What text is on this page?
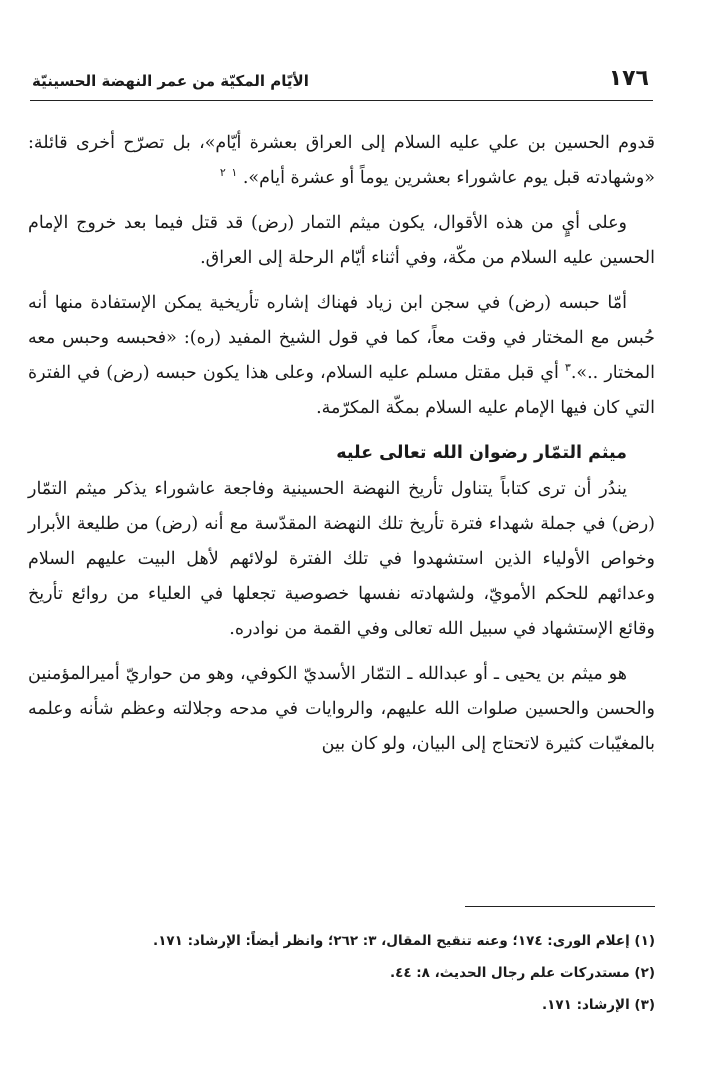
١٧٦
الأيّام المكيّة من عمر النهضة الحسينيّة

قدوم الحسين بن علي ‎عليه السلام‎ إلى العراق بعشرة أيّام»، بل تصرّح أخرى قائلة: «وشهادته قبل يوم عاشوراء بعشرين يوماً أو عشرة أيام». $^١$ $^٢$

وعلى أيٍ من هذه الأقوال، يكون ميثم التمار (رض) قد قتل فيما بعد خروج الإمام الحسين ‎عليه السلام‎ من مكّة، وفي أثناء أيّام الرحلة إلى العراق.

أمّا حبسه (رض) في سجن ابن زياد فهناك إشاره تأريخية يمكن الإستفادة منها أنه حُبس مع المختار في وقت معاً، كما في قول الشيخ المفيد (ره): «فحبسه وحبس معه المختار ..».$^٣$ أي قبل مقتل مسلم ‎عليه السلام‎، وعلى هذا يكون حبسه (رض) في الفترة التي كان فيها الإمام ‎عليه السلام‎ بمكّة المكرّمة.

ميثم التمّار رضوان الله تعالى عليه

يندُر أن ترى كتاباً يتناول تأريخ النهضة الحسينية وفاجعة عاشوراء يذكر ميثم التمّار (رض) في جملة شهداء فترة تأريخ تلك النهضة المقدّسة مع أنه (رض) من طليعة الأبرار وخواص الأولياء الذين استشهدوا في تلك الفترة لولائهم لأهل البيت ‎عليهم السلام‎ وعدائهم للحكم الأمويّ، ولشهادته نفسها خصوصية تجعلها في العلياء من روائع تأريخ وقائع الإستشهاد في سبيل الله تعالى وفي القمة من نوادره.

هو ميثم بن يحيى ـ أو عبدالله ـ التمّار الأسديّ الكوفي، وهو من حواريّ أميرالمؤمنين والحسن والحسين صلوات الله عليهم، والروايات في مدحه وجلالته وعظم شأنه وعلمه بالمغيّبات كثيرة لاتحتاج إلى البيان، ولو كان بين

(١) إعلام الورى: ١٧٤؛ وعنه تنقيح المقال، ٣: ٢٦٢؛ وانظر أيضاً: الإرشاد: ١٧١.
(٢) مستدركات علم رجال الحديث، ٨: ٤٤.
(٣) الإرشاد: ١٧١.
